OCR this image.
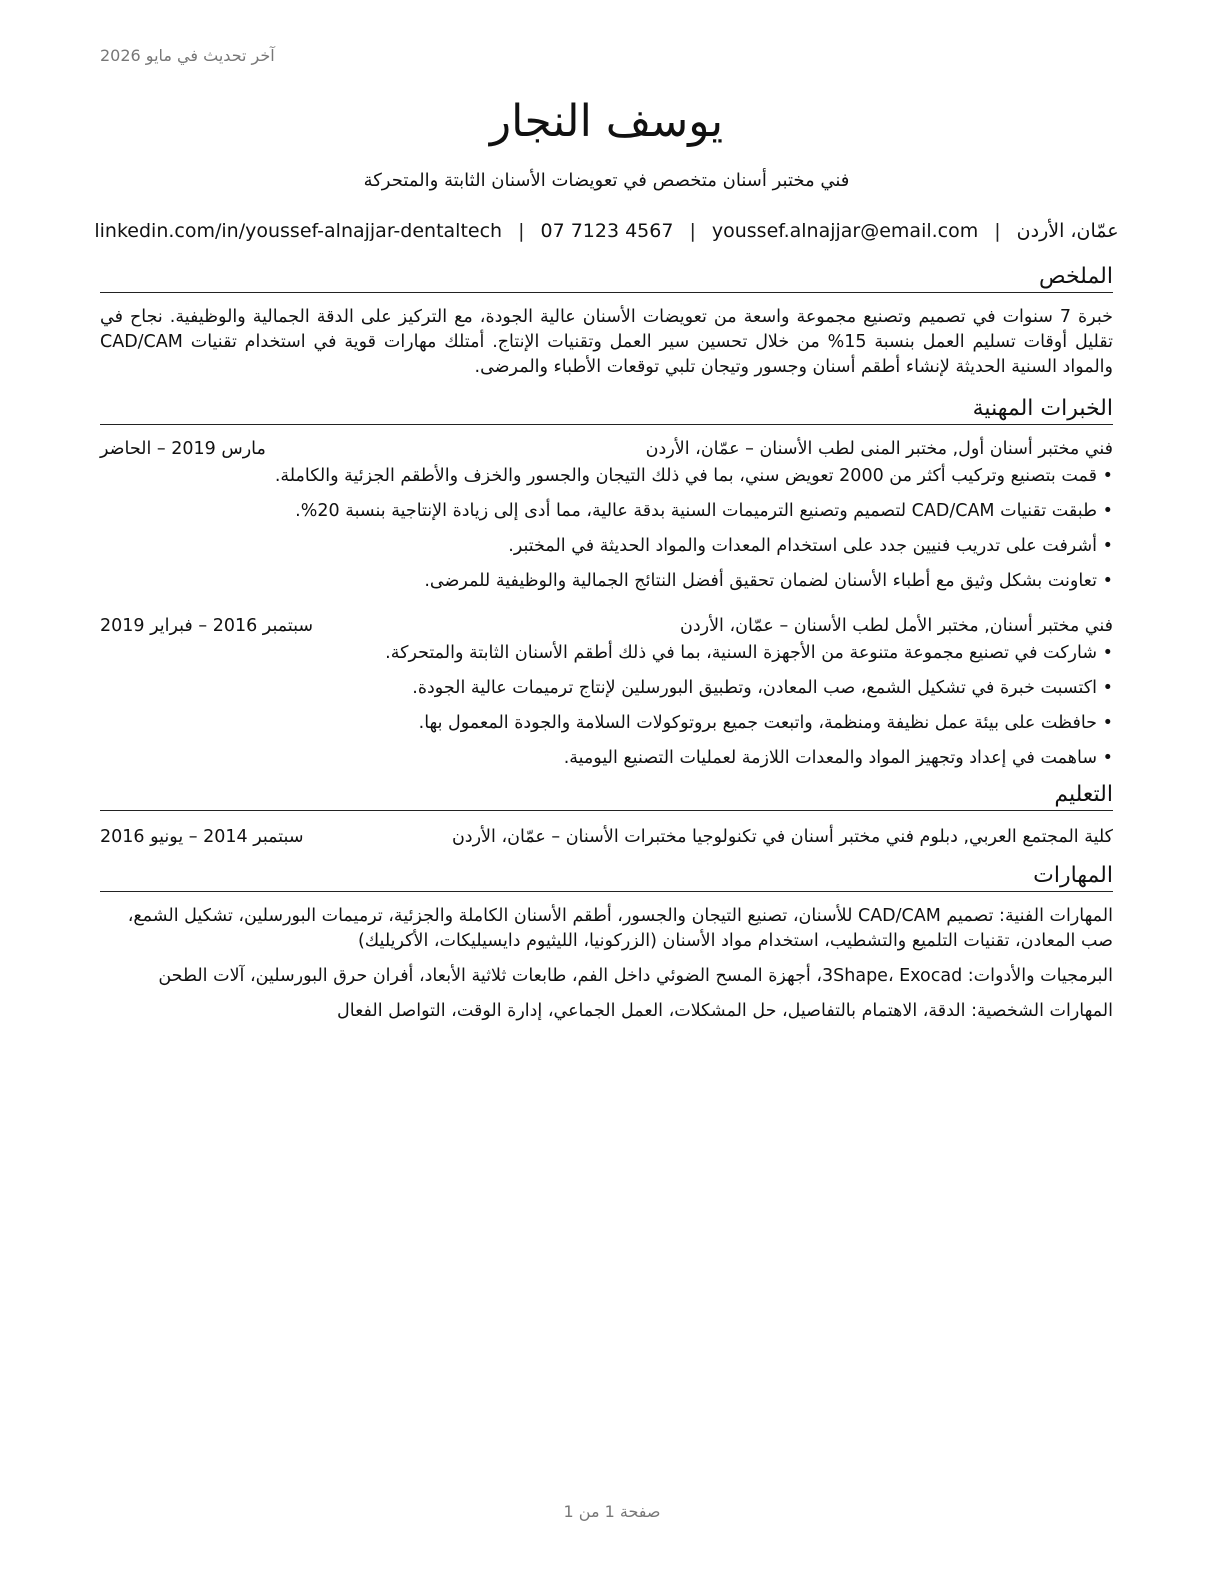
آخر تحديث في مايو 2026
يوسف النجار
فني مختبر أسنان متخصص في تعويضات الأسنان الثابتة والمتحركة
عمّان، الأردن
|
youssef.alnajjar@email.com
|
07 7123 4567
|
linkedin.com/in/youssef-alnajjar-dentaltech
الملخص
خبرة 7 سنوات في تصميم وتصنيع مجموعة واسعة من تعويضات الأسنان عالية الجودة، مع التركيز على الدقة الجمالية والوظيفية. نجاح في تقليل أوقات تسليم العمل بنسبة 15% من خلال تحسين سير العمل وتقنيات الإنتاج. أمتلك مهارات قوية في استخدام تقنيات CAD/CAM والمواد السنية الحديثة لإنشاء أطقم أسنان وجسور وتيجان تلبي توقعات الأطباء والمرضى.
الخبرات المهنية
فني مختبر أسنان أول, مختبر المنى لطب الأسنان – عمّان، الأردن
مارس 2019 – الحاضر
•قمت بتصنيع وتركيب أكثر من 2000 تعويض سني، بما في ذلك التيجان والجسور والخزف والأطقم الجزئية والكاملة.
•طبقت تقنيات CAD/CAM لتصميم وتصنيع الترميمات السنية بدقة عالية، مما أدى إلى زيادة الإنتاجية بنسبة 20%.
•أشرفت على تدريب فنيين جدد على استخدام المعدات والمواد الحديثة في المختبر.
•تعاونت بشكل وثيق مع أطباء الأسنان لضمان تحقيق أفضل النتائج الجمالية والوظيفية للمرضى.
فني مختبر أسنان, مختبر الأمل لطب الأسنان – عمّان، الأردن
سبتمبر 2016 – فبراير 2019
•شاركت في تصنيع مجموعة متنوعة من الأجهزة السنية، بما في ذلك أطقم الأسنان الثابتة والمتحركة.
•اكتسبت خبرة في تشكيل الشمع، صب المعادن، وتطبيق البورسلين لإنتاج ترميمات عالية الجودة.
•حافظت على بيئة عمل نظيفة ومنظمة، واتبعت جميع بروتوكولات السلامة والجودة المعمول بها.
•ساهمت في إعداد وتجهيز المواد والمعدات اللازمة لعمليات التصنيع اليومية.
التعليم
كلية المجتمع العربي, دبلوم فني مختبر أسنان في تكنولوجيا مختبرات الأسنان – عمّان، الأردن
سبتمبر 2014 – يونيو 2016
المهارات
المهارات الفنية: تصميم CAD/CAM للأسنان، تصنيع التيجان والجسور، أطقم الأسنان الكاملة والجزئية، ترميمات البورسلين، تشكيل الشمع، صب المعادن، تقنيات التلميع والتشطيب، استخدام مواد الأسنان (الزركونيا، الليثيوم دايسيليكات، الأكريليك)
البرمجيات والأدوات: 3Shape، Exocad، أجهزة المسح الضوئي داخل الفم، طابعات ثلاثية الأبعاد، أفران حرق البورسلين، آلات الطحن
المهارات الشخصية: الدقة، الاهتمام بالتفاصيل، حل المشكلات، العمل الجماعي، إدارة الوقت، التواصل الفعال
صفحة 1 من 1
